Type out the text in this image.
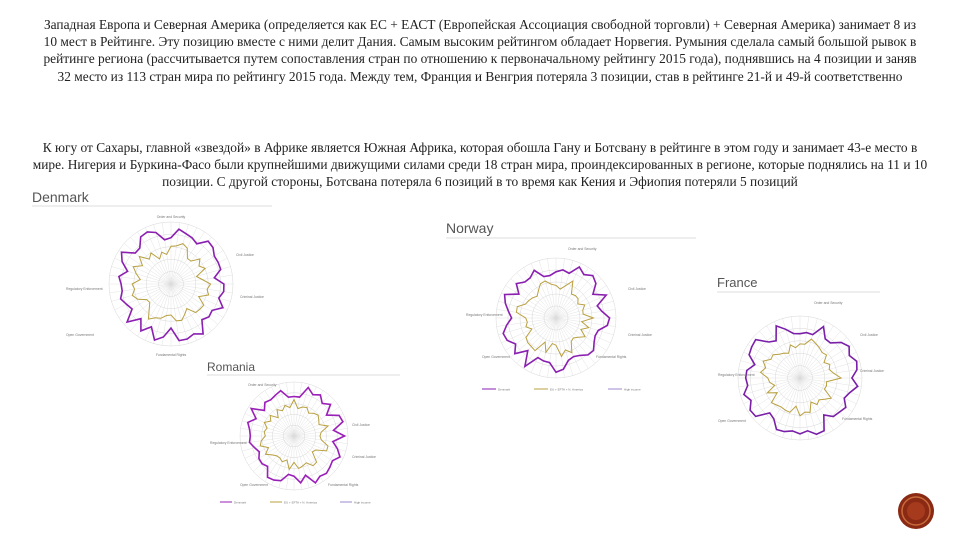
Западная Европа и Северная Америка (определяется как ЕС + ЕАСТ (Европейская Ассоциация свободной торговли) + Северная Америка) занимает 8 из 10 мест в Рейтинге. Эту позицию вместе с ними делит Дания. Самым высоким рейтингом обладает Норвегия. Румыния сделала самый большой рывок в рейтинге региона (рассчитывается путем сопоставления стран по отношению к первоначальному рейтингу 2015 года), поднявшись на 4 позиции и заняв 32 место из 113 стран мира по рейтингу 2015 года. Между тем, Франция и Венгрия потеряла 3 позиции, став в рейтинге 21-й и 49-й соответственно

К югу от Сахары, главной «звездой» в Африке является Южная Африка, которая обошла Гану и Ботсвану в рейтинге в этом году и занимает 43-е место в мире. Нигерия и Буркина-Фасо были крупнейшими движущими силами среди 18 стран мира, проиндексированных в регионе, которые поднялись на 11 и 10 позиции. С другой стороны, Ботсвана потеряла 6 позиций в то время как Кения и Эфиопия потеряли 5 позиций

Denmark
Order and Security
Civil Justice
Criminal Justice
Fundamental Rights
Open Government
Regulatory Enforcement
Norway
Order and Security
Civil Justice
Criminal Justice
Fundamental Rights
Open Government
Regulatory Enforcement
Denmark	EU + EFTA + N. America	High income
France
Order and Security
Civil Justice
Criminal Justice
Fundamental Rights
Open Government
Regulatory Enforcement
Romania
Order and Security
Civil Justice
Criminal Justice
Fundamental Rights
Open Government
Regulatory Enforcement
Denmark	EU + EFTA + N. America	High income
